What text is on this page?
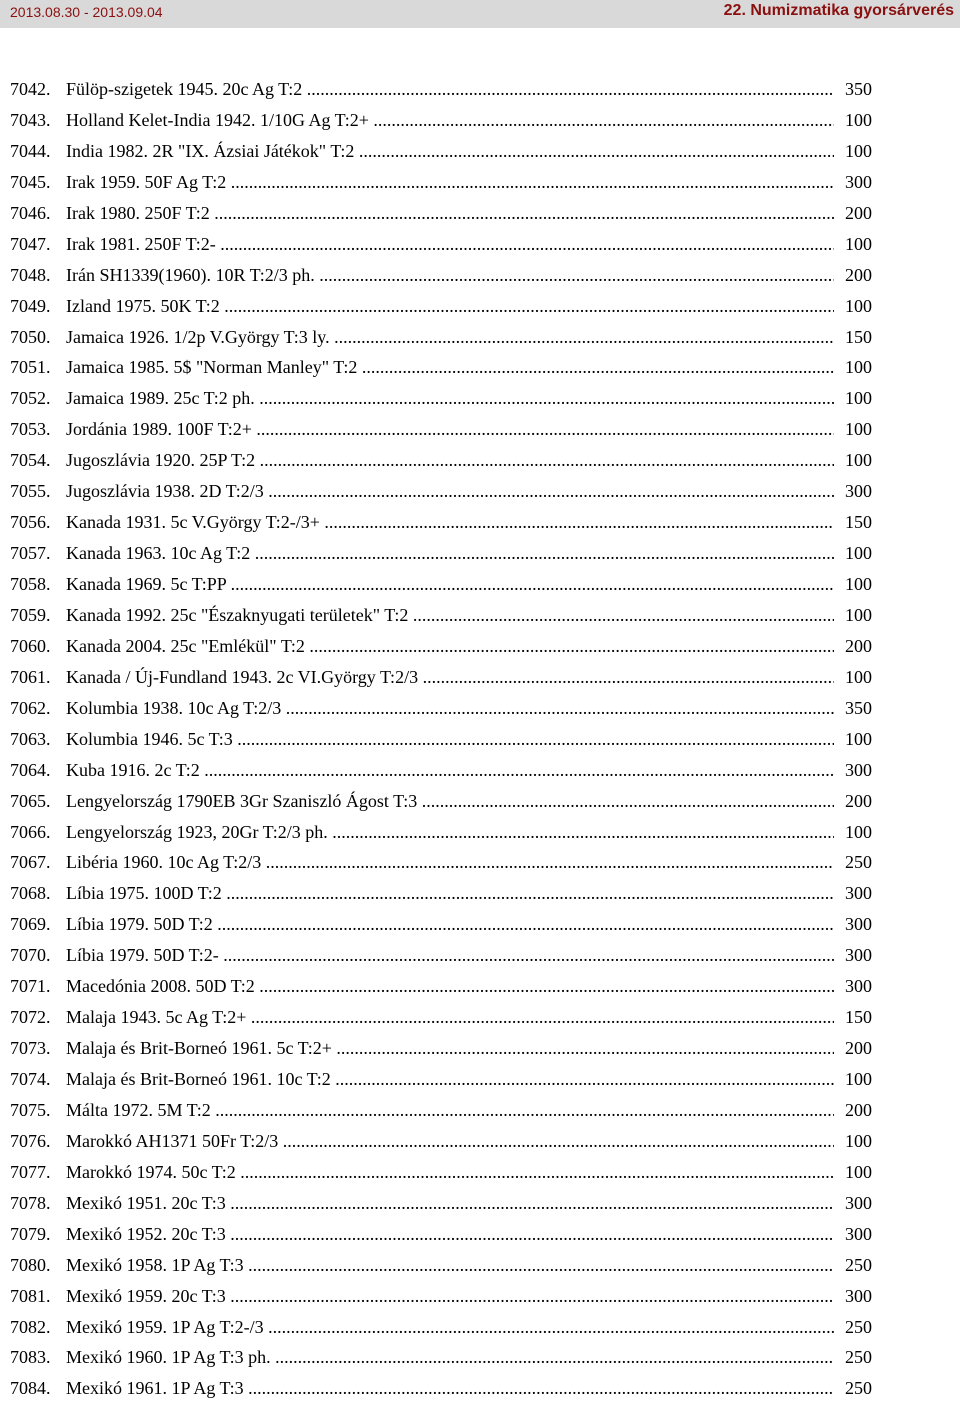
2013.08.30 - 2013.09.04	22. Numizmatika gyorsárverés
7042. Fülöp-szigetek 1945. 20c Ag T:2 .....	350
7043. Holland Kelet-India 1942. 1/10G Ag T:2+ .....	100
7044. India 1982. 2R "IX. Ázsiai Játékok" T:2 .....	100
7045. Irak 1959. 50F Ag T:2 .....	300
7046. Irak 1980. 250F T:2 .....	200
7047. Irak 1981. 250F T:2- .....	100
7048. Irán SH1339(1960). 10R T:2/3 ph. .....	200
7049. Izland 1975. 50K T:2 .....	100
7050. Jamaica 1926. 1/2p V.György T:3 ly. .....	150
7051. Jamaica 1985. 5$ "Norman Manley" T:2 .....	100
7052. Jamaica 1989. 25c T:2 ph. .....	100
7053. Jordánia 1989. 100F T:2+ .....	100
7054. Jugoszlávia 1920. 25P T:2 .....	100
7055. Jugoszlávia 1938. 2D T:2/3 .....	300
7056. Kanada 1931. 5c V.György T:2-/3+ .....	150
7057. Kanada 1963. 10c Ag T:2 .....	100
7058. Kanada 1969. 5c T:PP .....	100
7059. Kanada 1992. 25c "Északnyugati területek" T:2 .....	100
7060. Kanada 2004. 25c "Emlékül" T:2 .....	200
7061. Kanada / Új-Fundland 1943. 2c VI.György T:2/3 .....	100
7062. Kolumbia 1938. 10c Ag T:2/3 .....	350
7063. Kolumbia 1946. 5c T:3 .....	100
7064. Kuba 1916. 2c T:2 .....	300
7065. Lengyelország 1790EB 3Gr Szaniszló Ágost T:3 .....	200
7066. Lengyelország 1923, 20Gr T:2/3 ph. .....	100
7067. Libéria 1960. 10c Ag T:2/3 .....	250
7068. Líbia 1975. 100D T:2 .....	300
7069. Líbia 1979. 50D T:2 .....	300
7070. Líbia 1979. 50D T:2- .....	300
7071. Macedónia 2008. 50D T:2 .....	300
7072. Malaja 1943. 5c Ag T:2+ .....	150
7073. Malaja és Brit-Borneó 1961. 5c T:2+ .....	200
7074. Malaja és Brit-Borneó 1961. 10c T:2 .....	100
7075. Málta 1972. 5M T:2 .....	200
7076. Marokkó AH1371 50Fr T:2/3 .....	100
7077. Marokkó 1974. 50c T:2 .....	100
7078. Mexikó 1951. 20c T:3 .....	300
7079. Mexikó 1952. 20c T:3 .....	300
7080. Mexikó 1958. 1P Ag T:3 .....	250
7081. Mexikó 1959. 20c T:3 .....	300
7082. Mexikó 1959. 1P Ag T:2-/3 .....	250
7083. Mexikó 1960. 1P Ag T:3 ph. .....	250
7084. Mexikó 1961. 1P Ag T:3 .....	250
